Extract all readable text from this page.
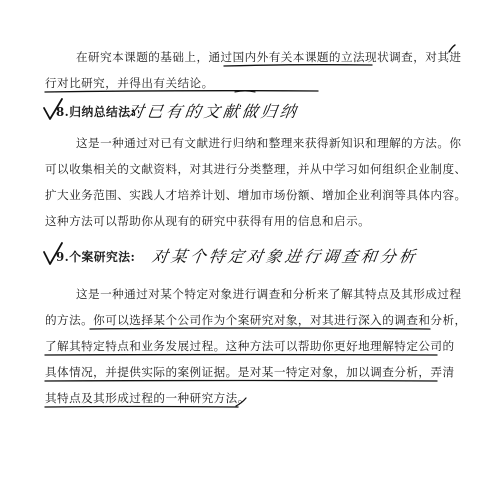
在研究本课题的基础上，通过国内外有关本课题的立法现状调查，对其进
行对比研究，并得出有关结论。
8.归纳总结法:
对已有的文献做归纳
这是一种通过对已有文献进行归纳和整理来获得新知识和理解的方法。你
可以收集相关的文献资料，对其进行分类整理，并从中学习如何组织企业制度、
扩大业务范围、实践人才培养计划、增加市场份额、增加企业利润等具体内容。
这种方法可以帮助你从现有的研究中获得有用的信息和启示。
9.个案研究法: 对某个特定对象进行调查和分析
这是一种通过对某个特定对象进行调查和分析来了解其特点及其形成过程
的方法。你可以选择某个公司作为个案研究对象，对其进行深入的调查和分析，
了解其特定特点和业务发展过程。这种方法可以帮助你更好地理解特定公司的
具体情况，并提供实际的案例证据。是对某一特定对象，加以调查分析，弄清
其特点及其形成过程的一种研究方法。
